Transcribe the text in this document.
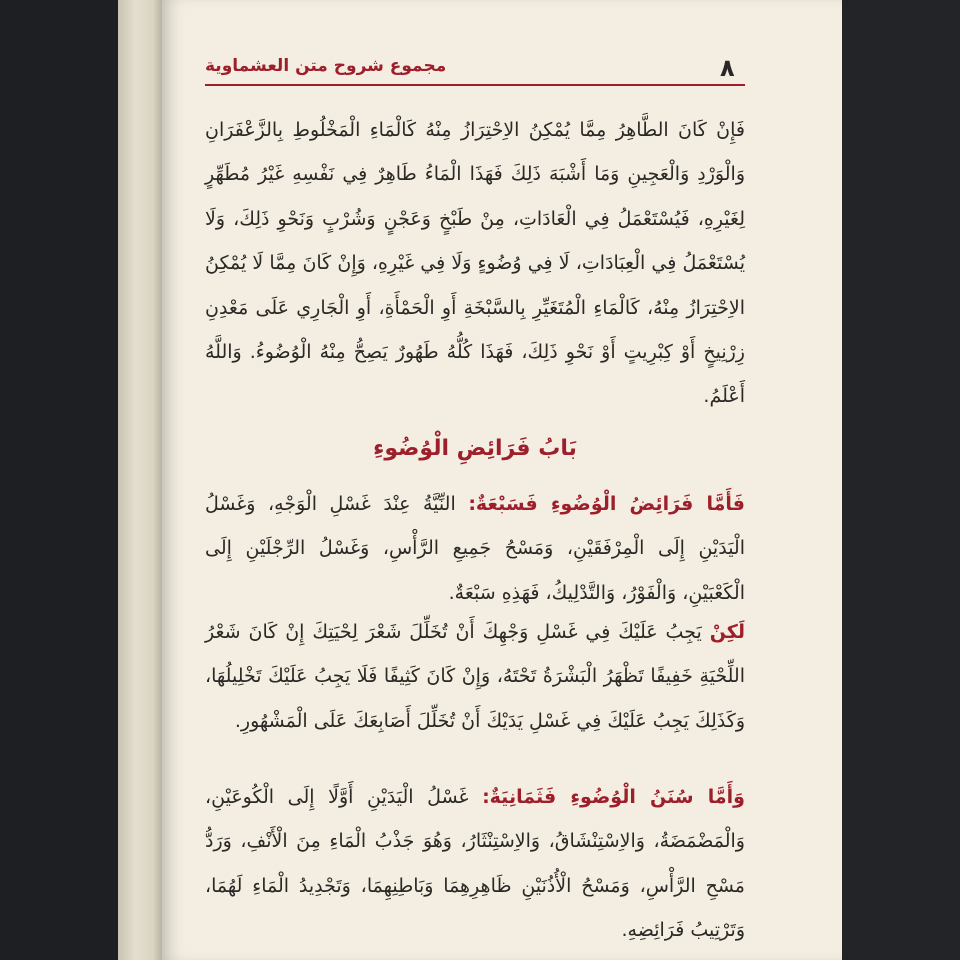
٨
مجموع شروح متن العشماوية
فَإِنْ كَانَ الطَّاهِرُ مِمَّا يُمْكِنُ الاِحْتِرَازُ مِنْهُ كَالْمَاءِ الْمَخْلُوطِ بِالزَّعْفَرَانِ وَالْوَرْدِ وَالْعَجِينِ وَمَا أَشْبَهَ ذَلِكَ فَهَذَا الْمَاءُ طَاهِرٌ فِي نَفْسِهِ غَيْرُ مُطَهِّرٍ لِغَيْرِهِ، فَيُسْتَعْمَلُ فِي الْعَادَاتِ، مِنْ طَبْخٍ وَعَجْنٍ وَشُرْبٍ وَنَحْوِ ذَلِكَ، وَلَا يُسْتَعْمَلُ فِي الْعِبَادَاتِ، لَا فِي وُضُوءٍ وَلَا فِي غَيْرِهِ، وَإِنْ كَانَ مِمَّا لَا يُمْكِنُ الاِحْتِرَازُ مِنْهُ، كَالْمَاءِ الْمُتَغَيِّرِ بِالسَّبْخَةِ أَوِ الْحَمْأَةِ، أَوِ الْجَارِي عَلَى مَعْدِنِ زِرْنِيخٍ أَوْ كِبْرِيتٍ أَوْ نَحْوِ ذَلِكَ، فَهَذَا كُلُّهُ طَهُورٌ يَصِحُّ مِنْهُ الْوُضُوءُ. وَاللَّهُ أَعْلَمُ.
بَابُ فَرَائِضِ الْوُضُوءِ
فَأَمَّا فَرَائِضُ الْوُضُوءِ فَسَبْعَةٌ: النِّيَّةُ عِنْدَ غَسْلِ الْوَجْهِ، وَغَسْلُ الْيَدَيْنِ إِلَى الْمِرْفَقَيْنِ، وَمَسْحُ جَمِيعِ الرَّأْسِ، وَغَسْلُ الرِّجْلَيْنِ إِلَى الْكَعْبَيْنِ، وَالْفَوْرُ، وَالتَّدْلِيكُ، فَهَذِهِ سَبْعَةٌ.
لَكِنْ يَجِبُ عَلَيْكَ فِي غَسْلِ وَجْهِكَ أَنْ تُخَلِّلَ شَعْرَ لِحْيَتِكَ إِنْ كَانَ شَعْرُ اللِّحْيَةِ خَفِيفًا تَظْهَرُ الْبَشْرَةُ تَحْتَهُ، وَإِنْ كَانَ كَثِيفًا فَلَا يَجِبُ عَلَيْكَ تَخْلِيلُهَا، وَكَذَلِكَ يَجِبُ عَلَيْكَ فِي غَسْلِ يَدَيْكَ أَنْ تُخَلِّلَ أَصَابِعَكَ عَلَى الْمَشْهُورِ.
وَأَمَّا سُنَنُ الْوُضُوءِ فَثَمَانِيَةٌ: غَسْلُ الْيَدَيْنِ أَوَّلًا إِلَى الْكُوعَيْنِ، وَالْمَضْمَضَةُ، وَالاِسْتِنْشَاقُ، وَالاِسْتِنْثَارُ، وَهُوَ جَذْبُ الْمَاءِ مِنَ الْأَنْفِ، وَرَدُّ مَسْحِ الرَّأْسِ، وَمَسْحُ الْأُذُنَيْنِ ظَاهِرِهِمَا وَبَاطِنِهِمَا، وَتَجْدِيدُ الْمَاءِ لَهُمَا، وَتَرْتِيبُ فَرَائِضِهِ.
